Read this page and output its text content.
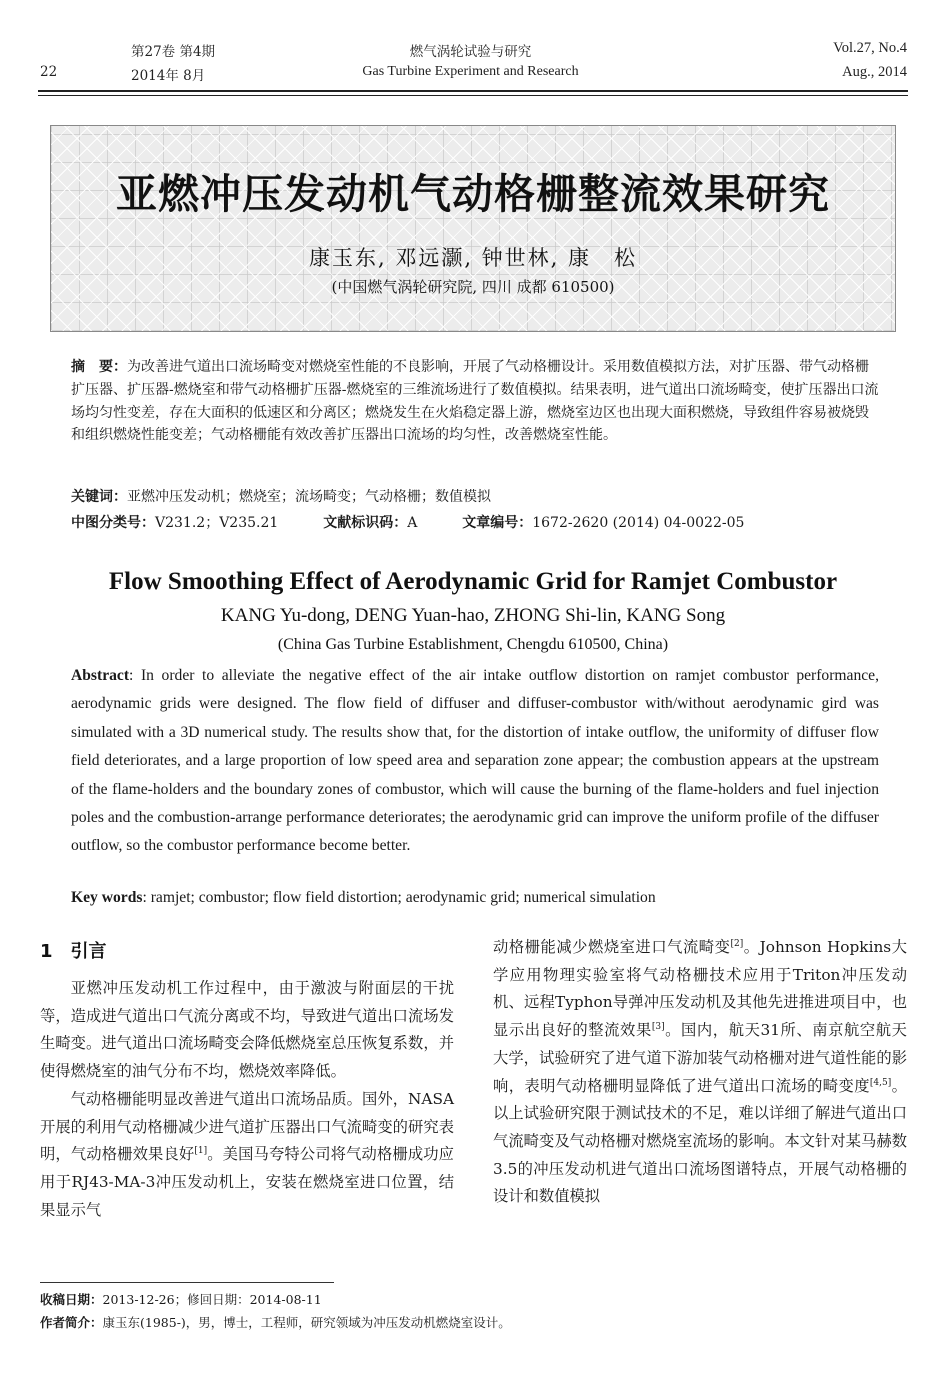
22
第27卷 第4期
2014年 8月
燃气涡轮试验与研究
Gas Turbine Experiment and Research
Vol.27, No.4
Aug., 2014
亚燃冲压发动机气动格栅整流效果研究
康玉东, 邓远灏, 钟世林, 康　松
(中国燃气涡轮研究院, 四川 成都 610500)
摘　要：为改善进气道出口流场畸变对燃烧室性能的不良影响，开展了气动格栅设计。采用数值模拟方法，对扩压器、带气动格栅扩压器、扩压器-燃烧室和带气动格栅扩压器-燃烧室的三维流场进行了数值模拟。结果表明，进气道出口流场畸变，使扩压器出口流场均匀性变差，存在大面积的低速区和分离区；燃烧发生在火焰稳定器上游，燃烧室边区也出现大面积燃烧，导致组件容易被烧毁和组织燃烧性能变差；气动格栅能有效改善扩压器出口流场的均匀性，改善燃烧室性能。
关键词：亚燃冲压发动机；燃烧室；流场畸变；气动格栅；数值模拟
中图分类号：V231.2；V235.21	文献标识码：A	文章编号：1672-2620 (2014) 04-0022-05
Flow Smoothing Effect of Aerodynamic Grid for Ramjet Combustor
KANG Yu-dong, DENG Yuan-hao, ZHONG Shi-lin, KANG Song
(China Gas Turbine Establishment, Chengdu 610500, China)
Abstract: In order to alleviate the negative effect of the air intake outflow distortion on ramjet combustor performance, aerodynamic grids were designed. The flow field of diffuser and diffuser-combustor with/without aerodynamic gird was simulated with a 3D numerical study. The results show that, for the distortion of intake outflow, the uniformity of diffuser flow field deteriorates, and a large proportion of low speed area and separation zone appear; the combustion appears at the upstream of the flame-holders and the boundary zones of combustor, which will cause the burning of the flame-holders and fuel injection poles and the combustion-arrange performance deteriorates; the aerodynamic grid can improve the uniform profile of the diffuser outflow, so the combustor performance become better.
Key words: ramjet; combustor; flow field distortion; aerodynamic grid; numerical simulation
1　引言

亚燃冲压发动机工作过程中，由于激波与附面层的干扰等，造成进气道出口气流分离或不均，导致进气道出口流场发生畸变。进气道出口流场畸变会降低燃烧室总压恢复系数，并使得燃烧室的油气分布不均，燃烧效率降低。

气动格栅能明显改善进气道出口流场品质。国外，NASA开展的利用气动格栅减少进气道扩压器出口气流畸变的研究表明，气动格栅效果良好[1]。美国马夸特公司将气动格栅成功应用于RJ43-MA-3冲压发动机上，安装在燃烧室进口位置，结果显示气

动格栅能减少燃烧室进口气流畸变[2]。Johnson Hopkins大学应用物理实验室将气动格栅技术应用于Triton冲压发动机、远程Typhon导弹冲压发动机及其他先进推进项目中，也显示出良好的整流效果[3]。国内，航天31所、南京航空航天大学，试验研究了进气道下游加装气动格栅对进气道性能的影响，表明气动格栅明显降低了进气道出口流场的畸变度[4,5]。以上试验研究限于测试技术的不足，难以详细了解进气道出口气流畸变及气动格栅对燃烧室流场的影响。本文针对某马赫数3.5的冲压发动机进气道出口流场图谱特点，开展气动格栅的设计和数值模拟

收稿日期：2013-12-26；修回日期：2014-08-11
作者简介：康玉东(1985-)，男，博士，工程师，研究领域为冲压发动机燃烧室设计。
